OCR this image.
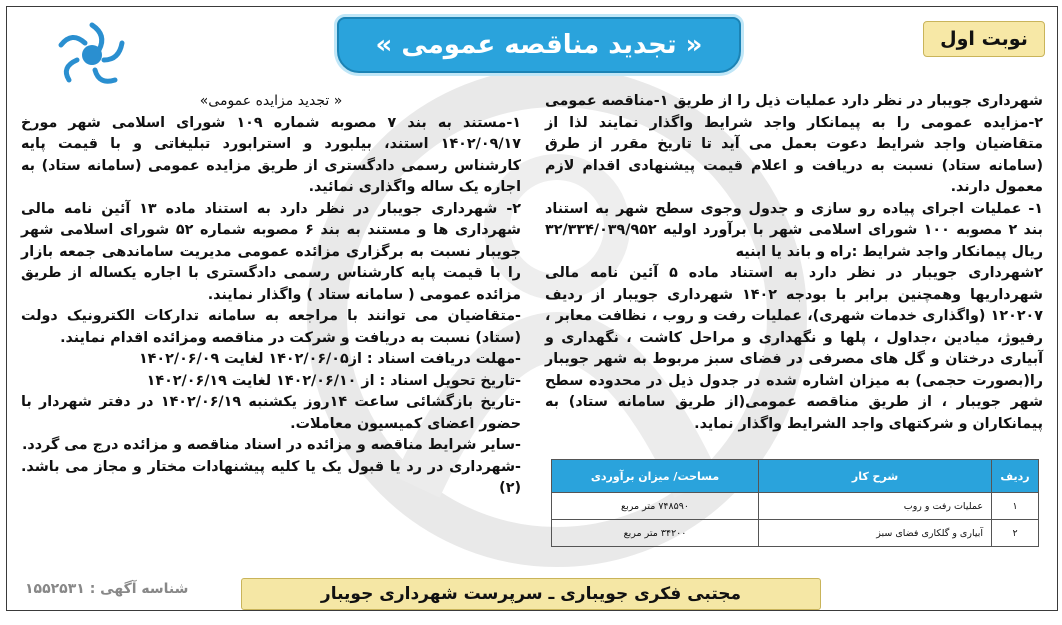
نوبت اول
« تجدید مناقصه عمومی »

شهرداری جویبار در نظر دارد عملیات ذیل را از طریق ۱-مناقصه عمومی ۲-مزایده عمومی را به پیمانکار واجد شرایط واگذار نمایند لذا از متقاضیان واجد شرایط دعوت بعمل می آید تا تاریخ مقرر از طرق (سامانه ستاد) نسبت به دریافت و اعلام قیمت پیشنهادی اقدام لازم معمول دارند.

۱- عملیات اجرای پیاده رو سازی و جدول وجوی سطح شهر به استناد بند ۲ مصوبه ۱۰۰ شورای اسلامی شهر با برآورد اولیه ۳۲/۳۳۴/۰۳۹/۹۵۲ ریال پیمانکار واجد شرایط :راه و باند یا ابنیه

۲شهرداری جویبار در نظر دارد به استناد ماده ۵ آئین نامه مالی شهرداریها وهمچنین برابر با بودجه ۱۴۰۲ شهرداری جویبار از ردیف ۱۲۰۲۰۷ (واگذاری خدمات شهری)، عملیات رفت و روب ، نظافت معابر ، رفیوژ، میادین ،جداول ، پلها و نگهداری و مراحل کاشت ، نگهداری و آبیاری درختان و گل های مصرفی در فضای سبز مربوط به شهر جویبار را(بصورت حجمی) به میزان اشاره شده در جدول ذیل در محدوده سطح شهر جویبار ، از طریق مناقصه عمومی(از طریق سامانه ستاد) به پیمانکاران و شرکتهای واجد الشرایط واگذار نماید.

ردیف	شرح کار	مساحت/ میزان برآوردی
۱	عملیات رفت و روب	۷۴۸۵۹۰ متر مربع
۲	آبیاری و گلکاری فضای سبز	۳۴۲۰۰ متر مربع

« تجدید مزایده عمومی»

۱-مستند به بند ۷ مصوبه شماره ۱۰۹ شورای اسلامی شهر مورخ ۱۴۰۲/۰۹/۱۷ استند، بیلبورد و استرابورد تبلیغاتی و با قیمت پایه کارشناس رسمی دادگستری از طریق مزایده عمومی (سامانه ستاد) به اجاره یک ساله واگذاری نمائید.

۲- شهرداری جویبار در نظر دارد به استناد ماده ۱۳ آئین نامه مالی شهرداری ها و مستند به بند ۶ مصوبه شماره ۵۲ شورای اسلامی شهر جویبار نسبت به برگزاری مزائده عمومی مدیریت ساماندهی جمعه بازار را با قیمت پایه کارشناس رسمی دادگستری با اجاره یکساله از طریق مزائده عمومی ( سامانه ستاد ) واگذار نمایند.

-متقاضیان می توانند با مراجعه به سامانه تدارکات الکترونیک دولت (ستاد) نسبت به دریافت و شرکت در مناقصه ومزائده اقدام نمایند.

-مهلت دریافت اسناد : از۱۴۰۲/۰۶/۰۵ لغایت ۱۴۰۲/۰۶/۰۹

-تاریخ تحویل اسناد : از ۱۴۰۲/۰۶/۱۰ لغایت ۱۴۰۲/۰۶/۱۹

-تاریخ بازگشائی ساعت ۱۴روز یکشنبه ۱۴۰۲/۰۶/۱۹ در دفتر شهردار با حضور اعضای کمیسیون معاملات.

-سایر شرایط مناقصه و مزائده در اسناد مناقصه و مزائده درج می گردد.

-شهرداری در رد یا قبول یک یا کلیه پیشنهادات مختار و مجاز می باشد.(۲)

مجتبی فکری جویباری ـ سرپرست شهرداری جویبار
شناسه آگهی : ۱۵۵۲۵۳۱
